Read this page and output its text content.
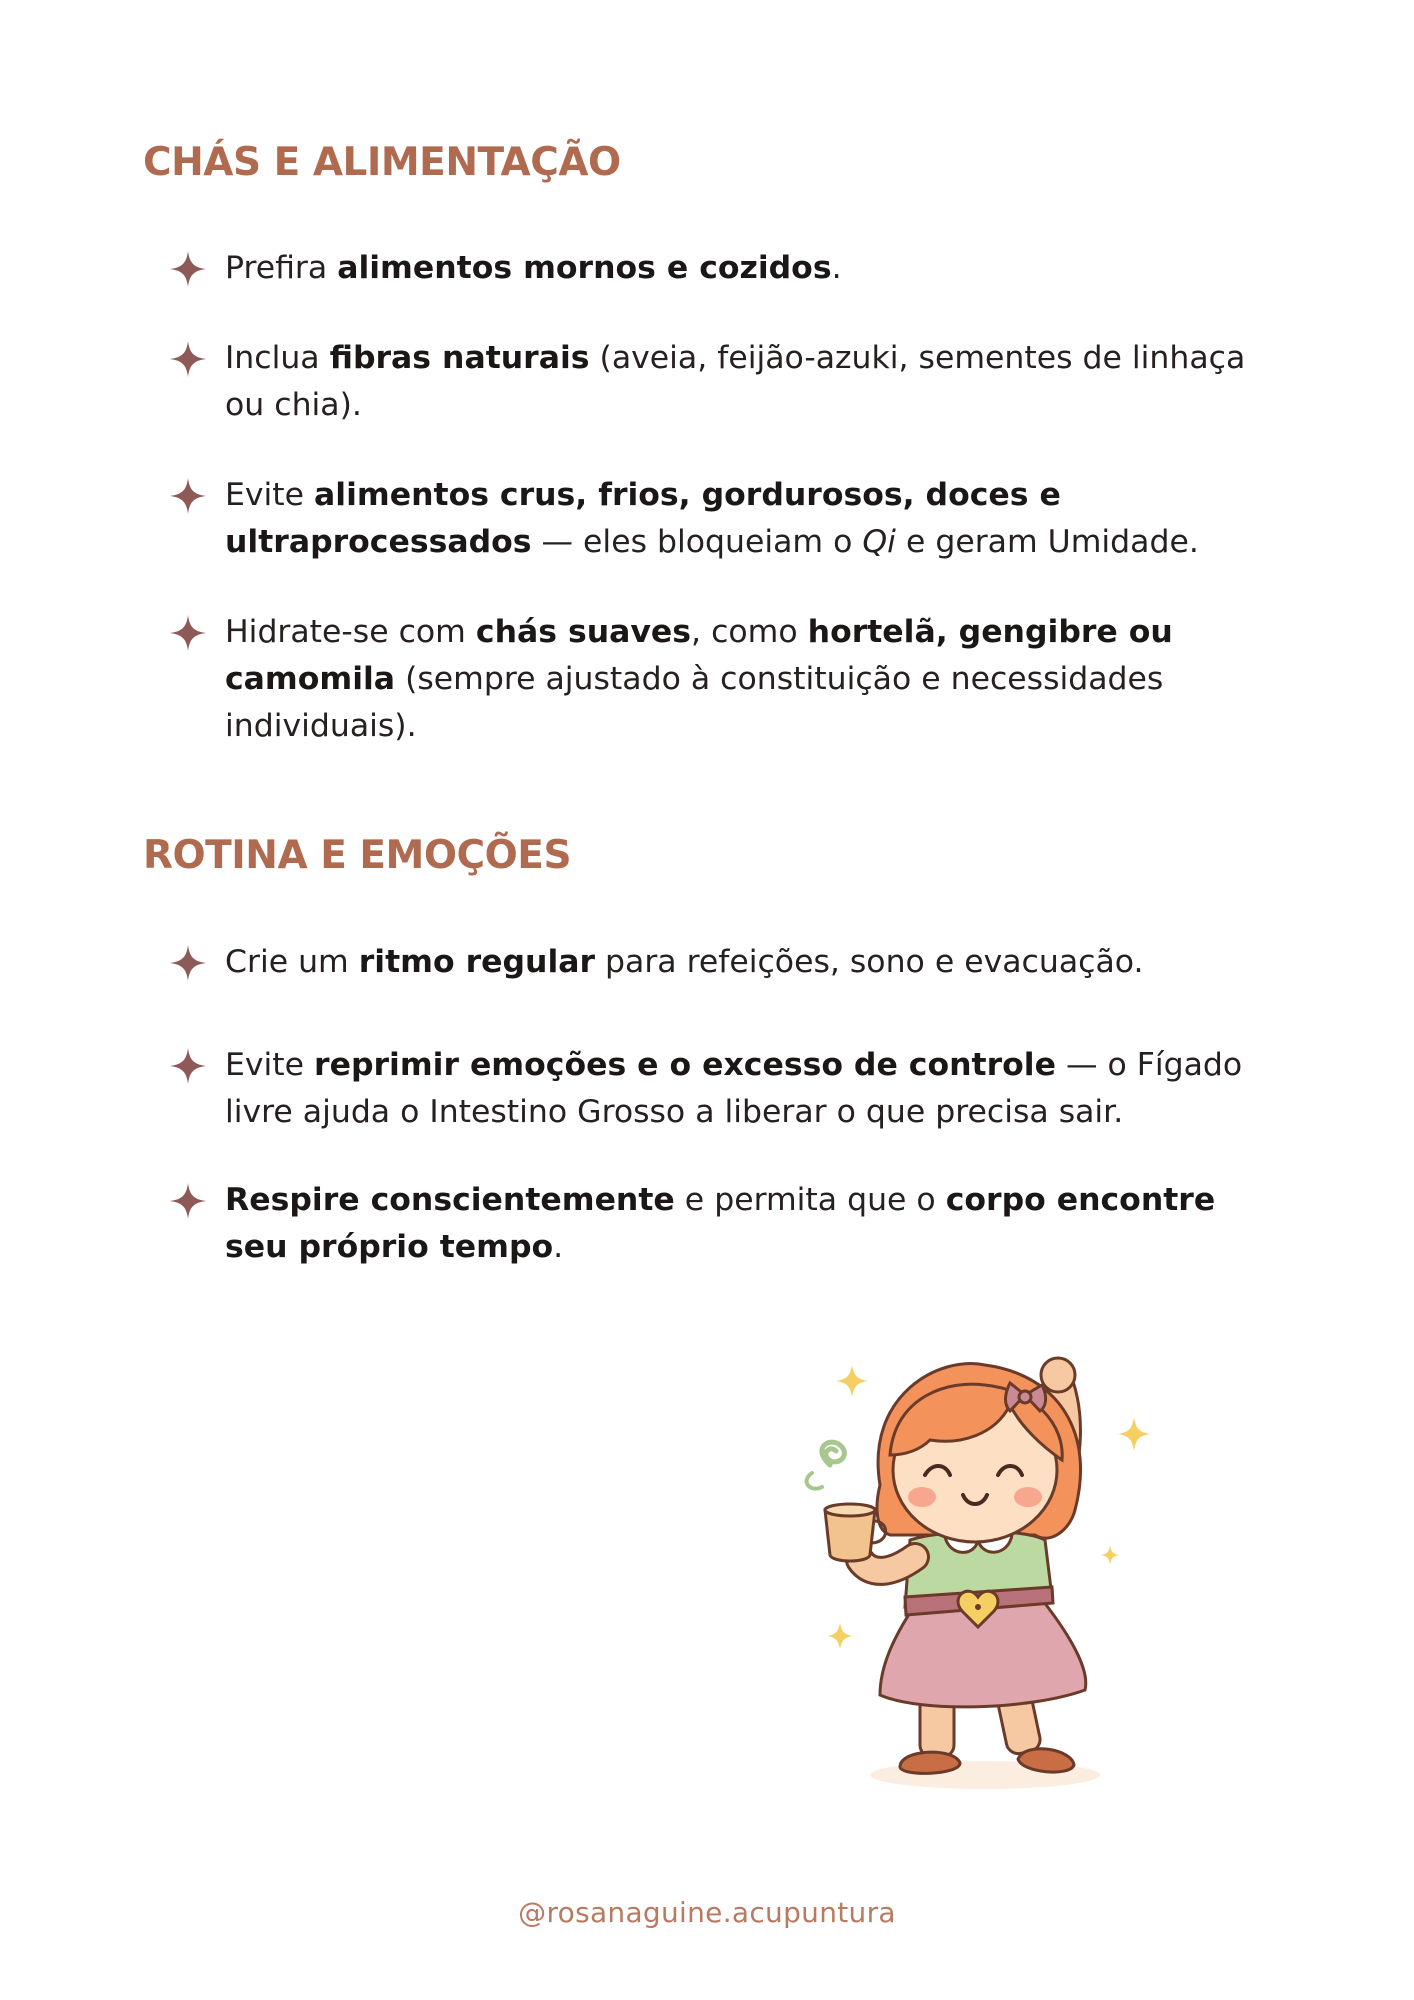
CHÁS E ALIMENTAÇÃO
Prefira alimentos mornos e cozidos.
Inclua fibras naturais (aveia, feijão-azuki, sementes de linhaça ou chia).
Evite alimentos crus, frios, gordurosos, doces e ultraprocessados — eles bloqueiam o Qi e geram Umidade.
Hidrate-se com chás suaves, como hortelã, gengibre ou camomila (sempre ajustado à constituição e necessidades individuais).
ROTINA E EMOÇÕES
Crie um ritmo regular para refeições, sono e evacuação.
Evite reprimir emoções e o excesso de controle — o Fígado livre ajuda o Intestino Grosso a liberar o que precisa sair.
Respire conscientemente e permita que o corpo encontre seu próprio tempo.
@rosanaguine.acupuntura
